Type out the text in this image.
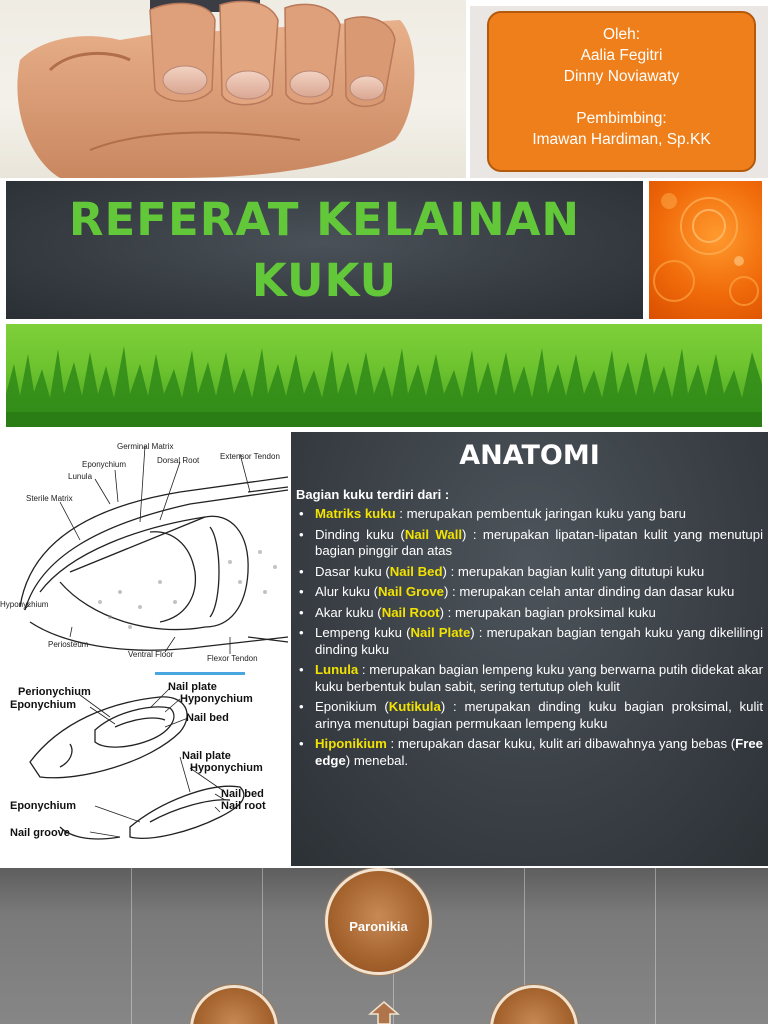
Oleh:
Aalia Fegitri
Dinny Noviawaty
Pembimbing:
Imawan Hardiman, Sp.KK
REFERAT KELAINAN
KUKU
Germinal Matrix
Extensor Tendon
Eponychium	Dorsal Root
Lunula
Sterile Matrix
Hyponychium
Periosteum
Ventral Floor	Flexor Tendon
Perionychium
Eponychium
Nail plate
Hyponychium
Nail bed
Nail plate
Hyponychium
Eponychium
Nail bed
Nail root
Nail groove
ANATOMI
Bagian kuku terdiri dari :
• Matriks kuku : merupakan pembentuk jaringan kuku yang baru
• Dinding kuku (Nail Wall) : merupakan lipatan-lipatan kulit yang menutupi bagian pinggir dan atas
• Dasar kuku (Nail Bed) : merupakan bagian kulit yang ditutupi kuku
• Alur kuku (Nail Grove) : merupakan celah antar dinding dan dasar kuku
• Akar kuku (Nail Root) : merupakan bagian proksimal kuku
• Lempeng kuku (Nail Plate) : merupakan bagian tengah kuku yang dikelilingi dinding kuku
• Lunula : merupakan bagian lempeng kuku yang berwarna putih didekat akar kuku berbentuk bulan sabit, sering tertutup oleh kulit
• Eponikium (Kutikula) : merupakan dinding kuku bagian proksimal, kulit arinya menutupi bagian permukaan lempeng kuku
• Hiponikium : merupakan dasar kuku, kulit ari dibawahnya yang bebas (Free edge) menebal.
Paronikia
